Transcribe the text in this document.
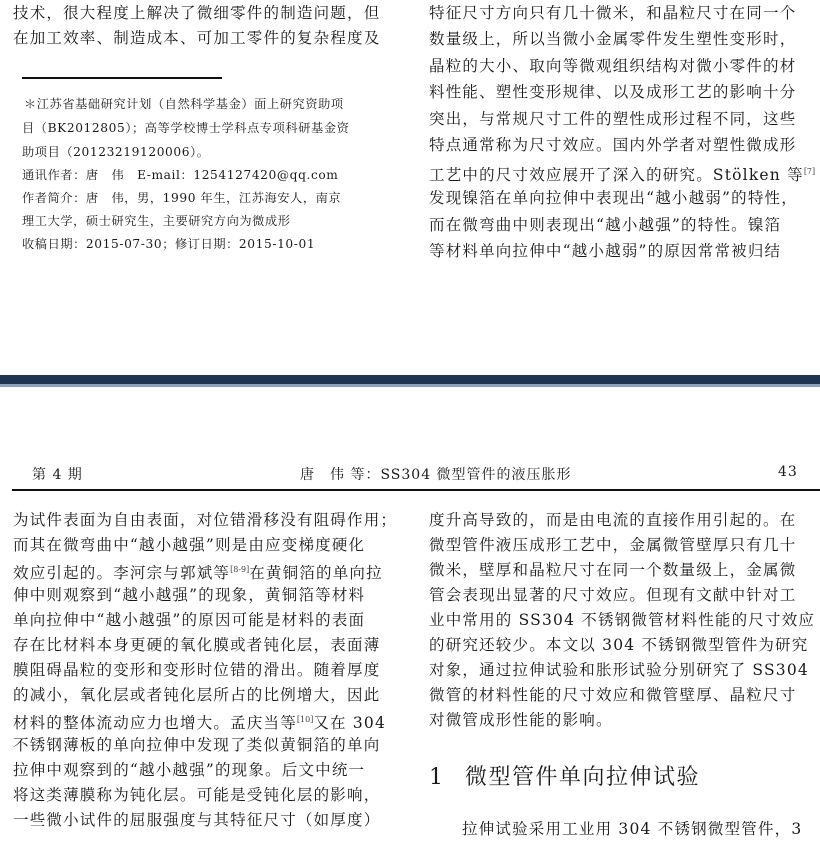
技术，很大程度上解决了微细零件的制造问题，但
在加工效率、制造成本、可加工零件的复杂程度及
＊江苏省基础研究计划（自然科学基金）面上研究资助项
目（BK2012805）；高等学校博士学科点专项科研基金资
助项目（20123219120006）。
通讯作者：唐　伟　E-mail：1254127420@qq.com
作者简介：唐　伟，男，1990 年生，江苏海安人，南京
理工大学，硕士研究生，主要研究方向为微成形
收稿日期：2015-07-30；修订日期：2015-10-01
特征尺寸方向只有几十微米，和晶粒尺寸在同一个
数量级上，所以当微小金属零件发生塑性变形时，
晶粒的大小、取向等微观组织结构对微小零件的材
料性能、塑性变形规律、以及成形工艺的影响十分
突出，与常规尺寸工件的塑性成形过程不同，这些
特点通常称为尺寸效应。国内外学者对塑性微成形
工艺中的尺寸效应展开了深入的研究。Stölken 等[7]
发现镍箔在单向拉伸中表现出“越小越弱”的特性，
而在微弯曲中则表现出“越小越强”的特性。镍箔
等材料单向拉伸中“越小越弱”的原因常常被归结
第 4 期	唐　伟 等：SS304 微型管件的液压胀形	43
为试件表面为自由表面，对位错滑移没有阻碍作用；
而其在微弯曲中“越小越强”则是由应变梯度硬化
效应引起的。李河宗与郭斌等[8-9]在黄铜箔的单向拉
伸中则观察到“越小越强”的现象，黄铜箔等材料
单向拉伸中“越小越强”的原因可能是材料的表面
存在比材料本身更硬的氧化膜或者钝化层，表面薄
膜阻碍晶粒的变形和变形时位错的滑出。随着厚度
的减小，氧化层或者钝化层所占的比例增大，因此
材料的整体流动应力也增大。孟庆当等[10]又在 304
不锈钢薄板的单向拉伸中发现了类似黄铜箔的单向
拉伸中观察到的“越小越强”的现象。后文中统一
将这类薄膜称为钝化层。可能是受钝化层的影响，
一些微小试件的屈服强度与其特征尺寸（如厚度）
度升高导致的，而是由电流的直接作用引起的。在
微型管件液压成形工艺中，金属微管壁厚只有几十
微米，壁厚和晶粒尺寸在同一个数量级上，金属微
管会表现出显著的尺寸效应。但现有文献中针对工
业中常用的 SS304 不锈钢微管材料性能的尺寸效应
的研究还较少。本文以 304 不锈钢微型管件为研究
对象，通过拉伸试验和胀形试验分别研究了 SS304
微管的材料性能的尺寸效应和微管壁厚、晶粒尺寸
对微管成形性能的影响。
1 微型管件单向拉伸试验
拉伸试验采用工业用 304 不锈钢微型管件，3
